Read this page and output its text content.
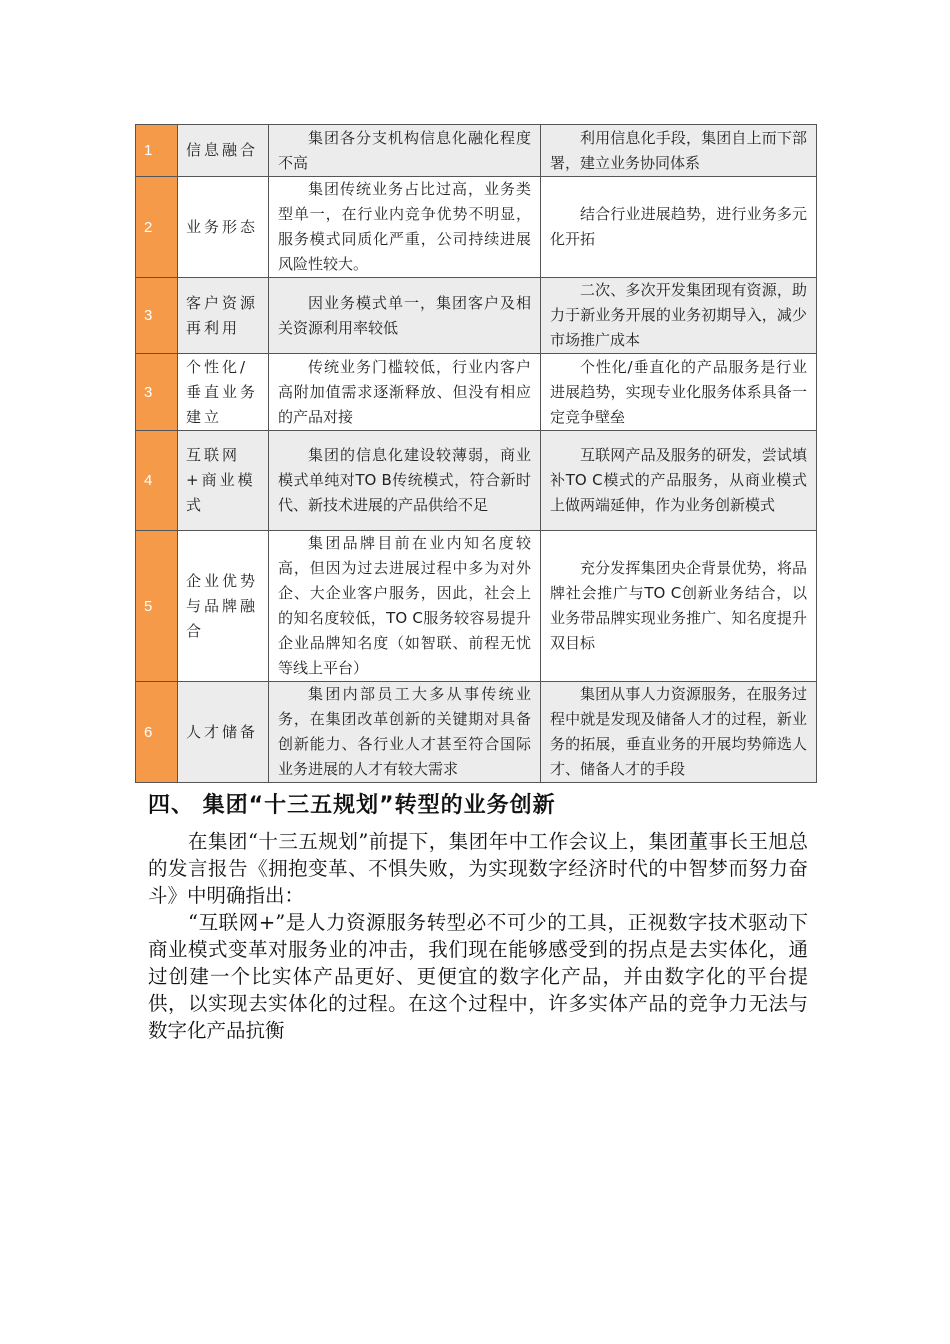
1	信息融合	集团各分支机构信息化融化程度不高	利用信息化手段，集团自上而下部署，建立业务协同体系
2	业务形态	集团传统业务占比过高，业务类型单一，在行业内竞争优势不明显，服务模式同质化严重，公司持续进展风险性较大。	结合行业进展趋势，进行业务多元化开拓
3	客户资源再利用	因业务模式单一，集团客户及相关资源利用率较低	二次、多次开发集团现有资源，助力于新业务开展的业务初期导入，减少市场推广成本
3	个性化/垂直业务建立	传统业务门槛较低，行业内客户高附加值需求逐渐释放、但没有相应的产品对接	个性化/垂直化的产品服务是行业进展趋势，实现专业化服务体系具备一定竞争壁垒
4	互联网+商业模式	集团的信息化建设较薄弱，商业模式单纯对TO B传统模式，符合新时代、新技术进展的产品供给不足	互联网产品及服务的研发，尝试填补TO C模式的产品服务，从商业模式上做两端延伸，作为业务创新模式
5	企业优势与品牌融合	集团品牌目前在业内知名度较高，但因为过去进展过程中多为对外企、大企业客户服务，因此，社会上的知名度较低，TO C服务较容易提升企业品牌知名度（如智联、前程无忧等线上平台）	充分发挥集团央企背景优势，将品牌社会推广与TO C创新业务结合，以业务带品牌实现业务推广、知名度提升双目标
6	人才储备	集团内部员工大多从事传统业务，在集团改革创新的关键期对具备创新能力、各行业人才甚至符合国际业务进展的人才有较大需求	集团从事人力资源服务，在服务过程中就是发现及储备人才的过程，新业务的拓展，垂直业务的开展均势筛选人才、储备人才的手段
四、 集团“十三五规划”转型的业务创新

在集团“十三五规划”前提下，集团年中工作会议上，集团董事长王旭总的发言报告《拥抱变革、不惧失败，为实现数字经济时代的中智梦而努力奋斗》中明确指出：

“互联网+”是人力资源服务转型必不可少的工具，正视数字技术驱动下商业模式变革对服务业的冲击，我们现在能够感受到的拐点是去实体化，通过创建一个比实体产品更好、更便宜的数字化产品，并由数字化的平台提供，以实现去实体化的过程。在这个过程中，许多实体产品的竞争力无法与数字化产品抗衡
